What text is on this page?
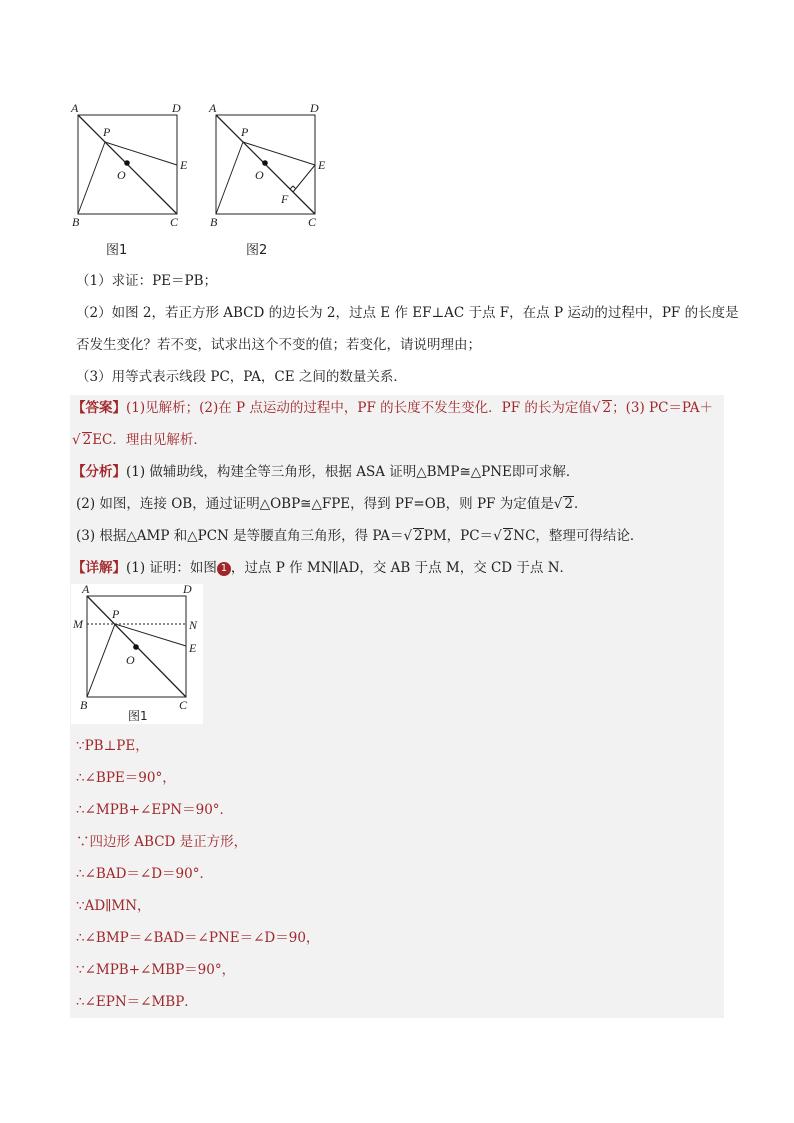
A	D
P
O
E
B	C
图1
A	D
P
O
E
F
B	C
图2
（1）求证：PE＝PB；
（2）如图 2，若正方形 ABCD 的边长为 2，过点 E 作 EF⊥AC 于点 F，在点 P 运动的过程中，PF 的长度是
否发生变化？若不变，试求出这个不变的值；若变化，请说明理由；
（3）用等式表示线段 PC，PA，CE 之间的数量关系．
【答案】(1)见解析；(2)在 P 点运动的过程中，PF 的长度不发生变化．PF 的长为定值√ 2；(3) PC＝PA＋
√ 2EC．理由见解析．
【分析】(1) 做辅助线，构建全等三角形，根据 ASA 证明△BMP≅△PNE即可求解．
(2) 如图，连接 OB，通过证明△OBP≅△FPE，得到 PF=OB，则 PF 为定值是√ 2．
(3) 根据△AMP 和△PCN 是等腰直角三角形，得 PA＝√ 2PM，PC＝√ 2NC，整理可得结论．
【详解】(1) 证明：如图 1 ，过点 P 作 MN∥AD，交 AB 于点 M，交 CD 于点 N．
A	D
M	N
P
O
E
B	C
图1
∵PB⊥PE，
∴∠BPE＝90°，
∴∠MPB+∠EPN＝90°．
∵四边形 ABCD 是正方形，
∴∠BAD＝∠D＝90°．
∵AD∥MN，
∴∠BMP＝∠BAD＝∠PNE＝∠D＝90，
∵∠MPB+∠MBP＝90°，
∴∠EPN＝∠MBP．
